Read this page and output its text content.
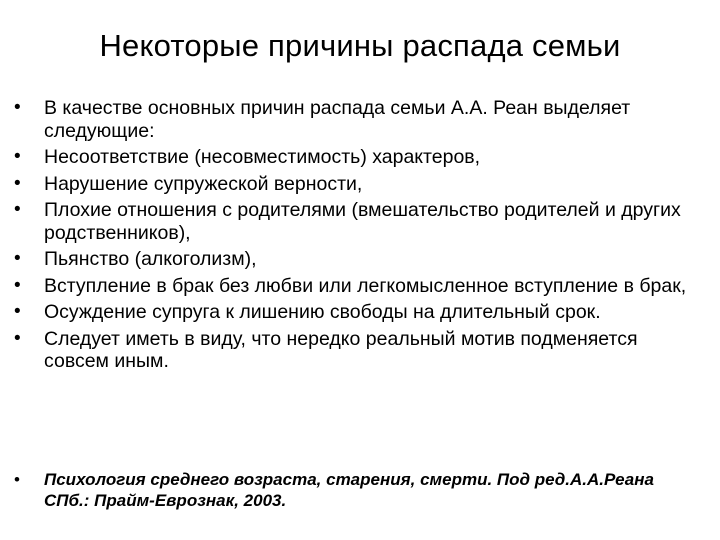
Некоторые причины распада семьи
•	В качестве основных причин распада семьи А.А. Реан выделяет следующие:
•	Несоответствие (несовместимость) характеров,
•	Нарушение супружеской верности,
•	Плохие отношения с родителями (вмешательство родителей и других родственников),
•	Пьянство (алкоголизм),
•	Вступление в брак без любви или легкомысленное вступление в брак,
•	Осуждение супруга к лишению свободы на длительный срок.
•	Следует иметь в виду, что нередко реальный мотив подменяется совсем иным.
•	Психология среднего возраста, старения, смерти. Под ред.А.А.Реана СПб.: Прайм-Еврознак, 2003.
